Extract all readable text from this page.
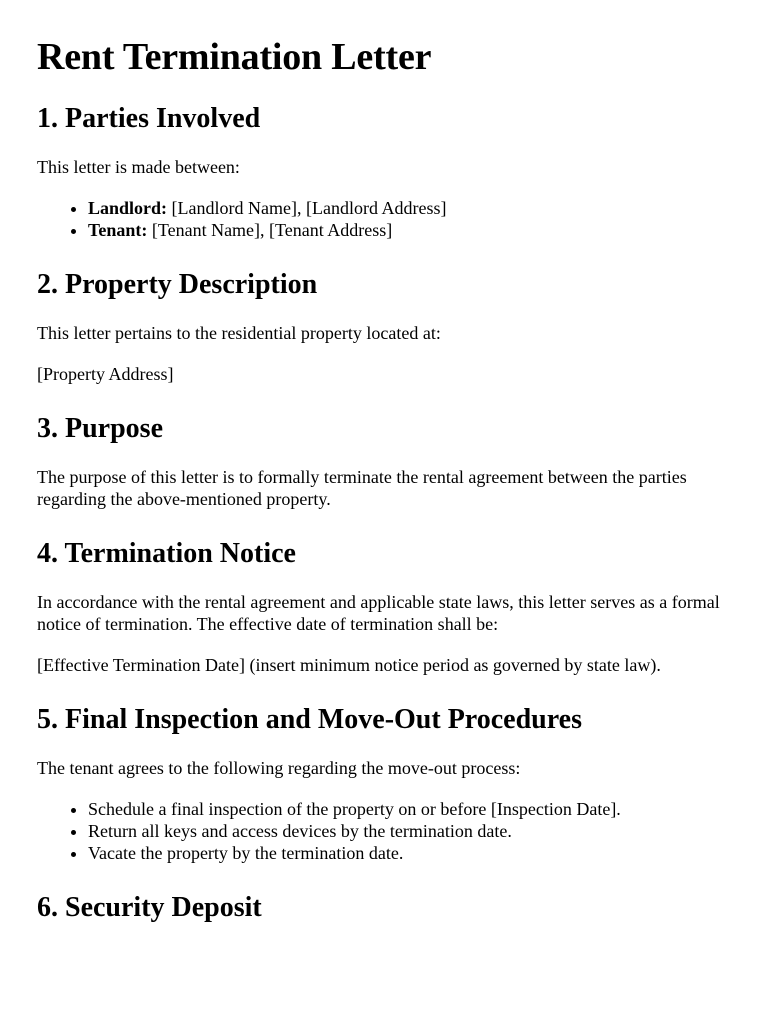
Rent Termination Letter
1. Parties Involved

This letter is made between:

• Landlord: [Landlord Name], [Landlord Address]
• Tenant: [Tenant Name], [Tenant Address]
2. Property Description

This letter pertains to the residential property located at:

[Property Address]

3. Purpose

The purpose of this letter is to formally terminate the rental agreement between the parties regarding the above-mentioned property.

4. Termination Notice

In accordance with the rental agreement and applicable state laws, this letter serves as a formal notice of termination. The effective date of termination shall be:

[Effective Termination Date] (insert minimum notice period as governed by state law).

5. Final Inspection and Move-Out Procedures

The tenant agrees to the following regarding the move-out process:

• Schedule a final inspection of the property on or before [Inspection Date].
• Return all keys and access devices by the termination date.
• Vacate the property by the termination date.
6. Security Deposit
